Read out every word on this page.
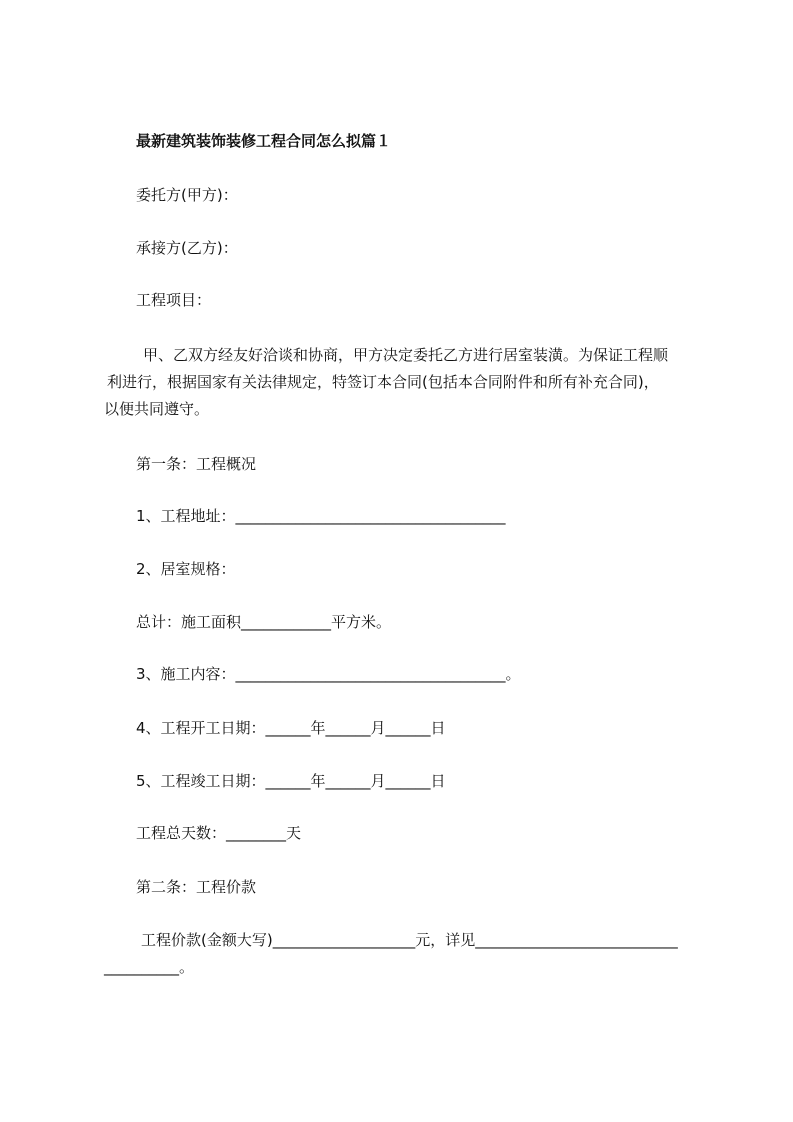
最新建筑装饰装修工程合同怎么拟篇１
委托方(甲方)：
承接方(乙方)：
工程项目：
甲、乙双方经友好洽谈和协商，甲方决定委托乙方进行居室装潢。为保证工程顺
利进行，根据国家有关法律规定，特签订本合同(包括本合同附件和所有补充合同)，
以便共同遵守。
第一条：工程概况
1、工程地址：____________________________________
2、居室规格：
总计：施工面积____________平方米。
3、施工内容：____________________________________。
4、工程开工日期：______年______月______日
5、工程竣工日期：______年______月______日
工程总天数：________天
第二条：工程价款
工程价款(金额大写)___________________元，详见___________________________
__________。
